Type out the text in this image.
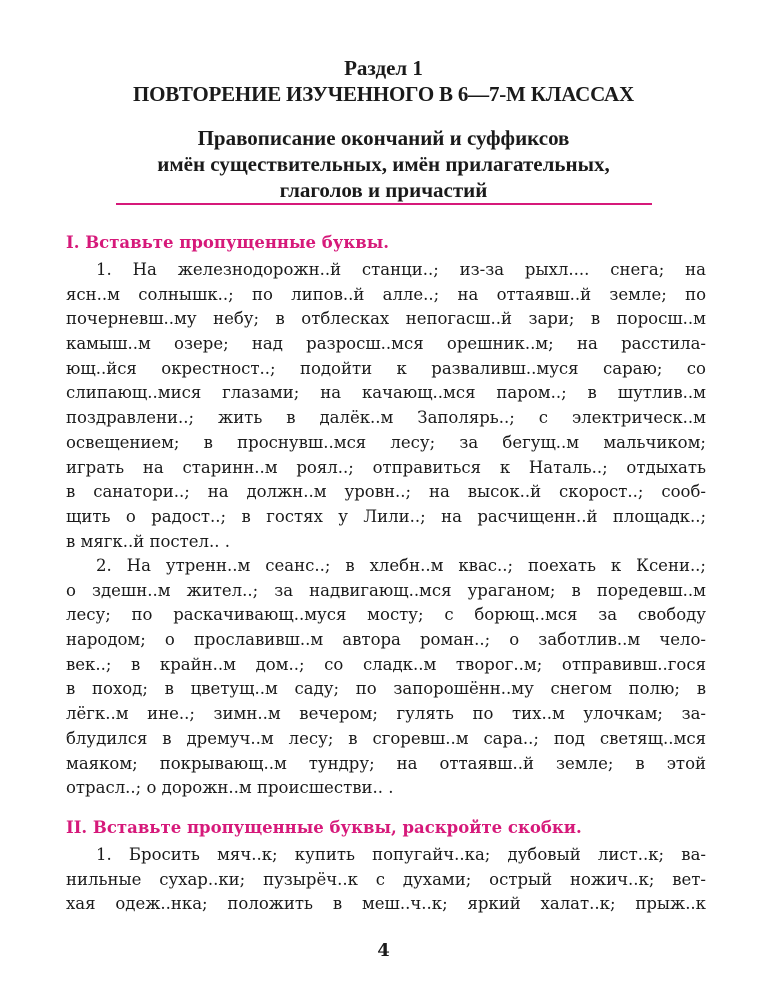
Раздел 1
ПОВТОРЕНИЕ ИЗУЧЕННОГО В 6—7-М КЛАССАХ
Правописание окончаний и суффиксов
имён существительных, имён прилагательных,
глаголов и причастий
I. Вставьте пропущенные буквы.
1. На железнодорожн..й станци..; из-за рыхл.... снега; на
ясн..м солнышк..; по липов..й алле..; на оттаявш..й земле; по
почерневш..му небу; в отблесках непогасш..й зари; в поросш..м
камыш..м озере; над разросш..мся орешник..м; на расстила-
ющ..йся окрестност..; подойти к разваливш..муся сараю; со
слипающ..мися глазами; на качающ..мся паром..; в шутлив..м
поздравлени..; жить в далёк..м Заполярь..; с электрическ..м
освещением; в проснувш..мся лесу; за бегущ..м мальчиком;
играть на старинн..м роял..; отправиться к Наталь..; отдыхать
в санатори..; на должн..м уровн..; на высок..й скорост..; сооб-
щить о радост..; в гостях у Лили..; на расчищенн..й площадк..;
в мягк..й постел.. .
2. На утренн..м сеанс..; в хлебн..м квас..; поехать к Ксени..;
о здешн..м жител..; за надвигающ..мся ураганом; в поредевш..м
лесу; по раскачивающ..муся мосту; с борющ..мся за свободу
народом; о прославивш..м автора роман..; о заботлив..м чело-
век..; в крайн..м дом..; со сладк..м творог..м; отправивш..гося
в поход; в цветущ..м саду; по запорошённ..му снегом полю; в
лёгк..м ине..; зимн..м вечером; гулять по тих..м улочкам; за-
блудился в дремуч..м лесу; в сгоревш..м сара..; под светящ..мся
маяком; покрывающ..м тундру; на оттаявш..й земле; в этой
отрасл..; о дорожн..м происшестви.. .
II. Вставьте пропущенные буквы, раскройте скобки.
1. Бросить мяч..к; купить попугайч..ка; дубовый лист..к; ва-
нильные сухар..ки; пузырёч..к с духами; острый ножич..к; вет-
хая одеж..нка; положить в меш..ч..к; яркий халат..к; прыж..к
4
